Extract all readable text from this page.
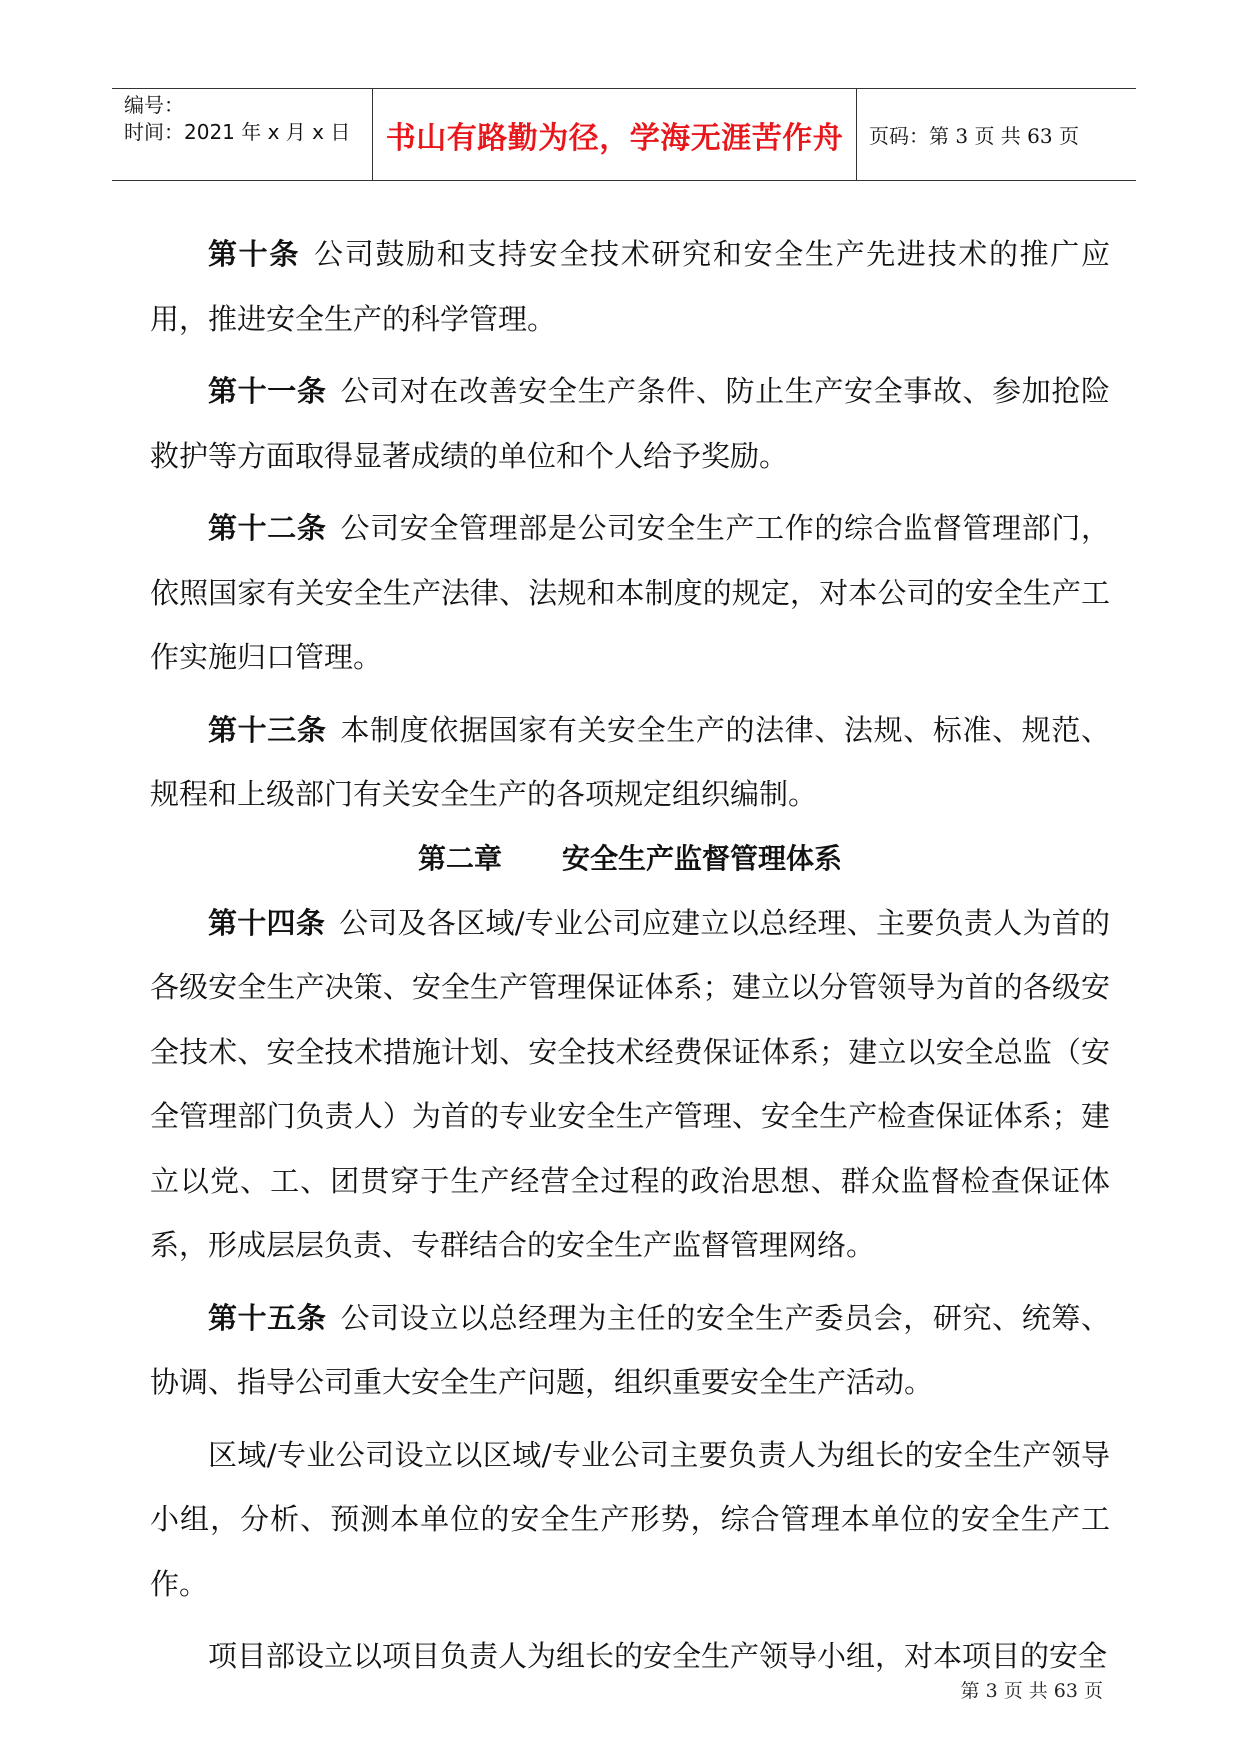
编号：
时间：2021 年 x 月 x 日	书山有路勤为径，学海无涯苦作舟	页码：第 3 页 共 63 页

第十条 公司鼓励和支持安全技术研究和安全生产先进技术的推广应用，推进安全生产的科学管理。

第十一条 公司对在改善安全生产条件、防止生产安全事故、参加抢险救护等方面取得显著成绩的单位和个人给予奖励。

第十二条 公司安全管理部是公司安全生产工作的综合监督管理部门，依照国家有关安全生产法律、法规和本制度的规定，对本公司的安全生产工作实施归口管理。

第十三条 本制度依据国家有关安全生产的法律、法规、标准、规范、规程和上级部门有关安全生产的各项规定组织编制。

第二章 安全生产监督管理体系

第十四条 公司及各区域/专业公司应建立以总经理、主要负责人为首的各级安全生产决策、安全生产管理保证体系；建立以分管领导为首的各级安全技术、安全技术措施计划、安全技术经费保证体系；建立以安全总监（安全管理部门负责人）为首的专业安全生产管理、安全生产检查保证体系；建立以党、工、团贯穿于生产经营全过程的政治思想、群众监督检查保证体系，形成层层负责、专群结合的安全生产监督管理网络。

第十五条 公司设立以总经理为主任的安全生产委员会，研究、统筹、协调、指导公司重大安全生产问题，组织重要安全生产活动。

区域/专业公司设立以区域/专业公司主要负责人为组长的安全生产领导小组，分析、预测本单位的安全生产形势，综合管理本单位的安全生产工作。

项目部设立以项目负责人为组长的安全生产领导小组，对本项目的安全

第 3 页 共 63 页
